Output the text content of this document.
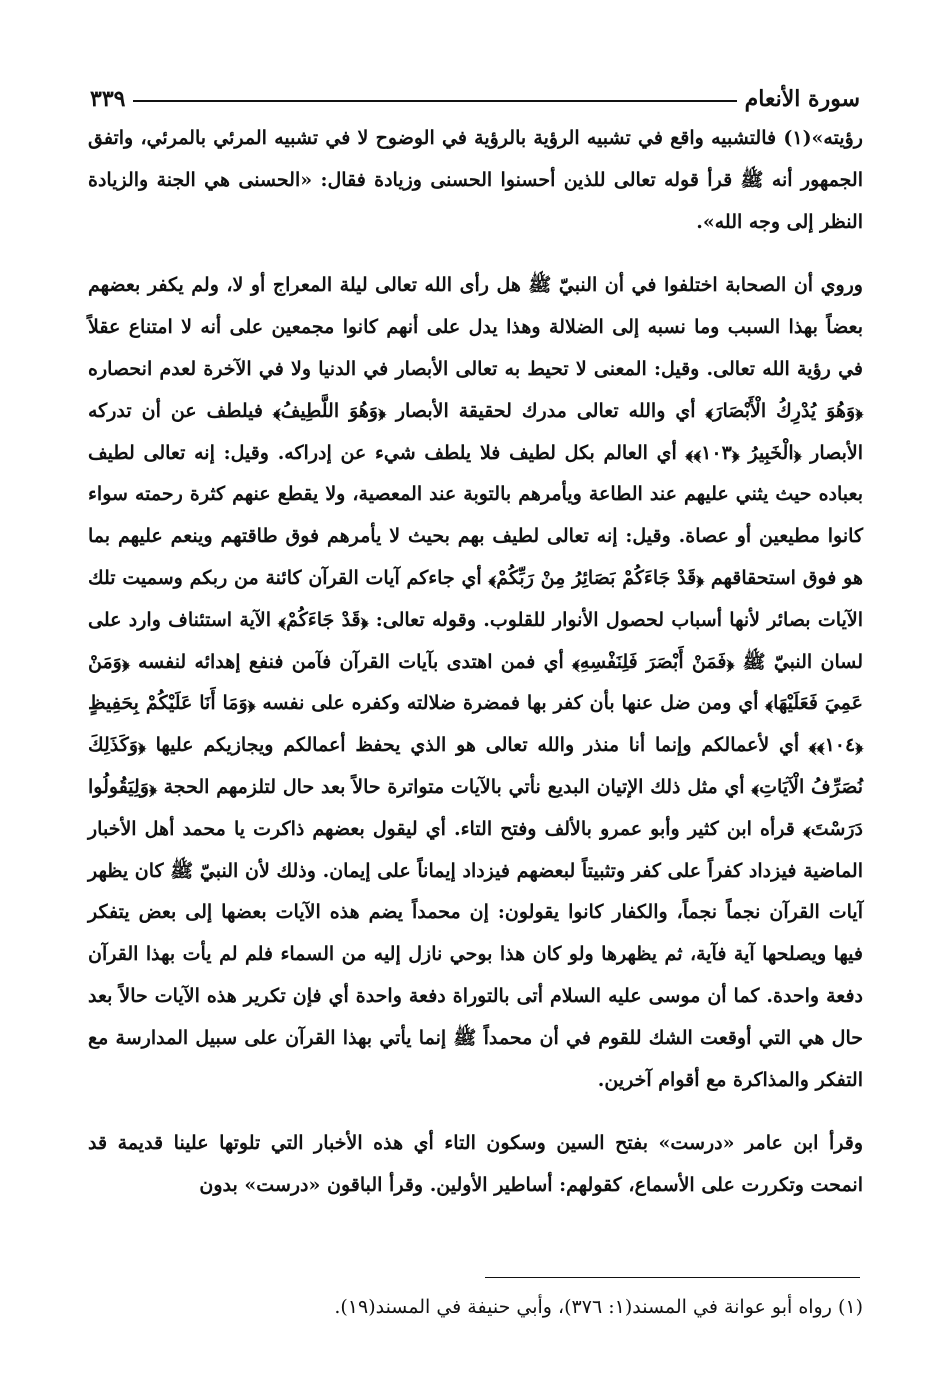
سورة الأنعام
٣٣٩

رؤيته»(١) فالتشبيه واقع في تشبيه الرؤية بالرؤية في الوضوح لا في تشبيه المرئي بالمرئي، واتفق الجمهور أنه ﷺ قرأ قوله تعالى للذين أحسنوا الحسنى وزيادة فقال: «الحسنى هي الجنة والزيادة النظر إلى وجه الله».

وروي أن الصحابة اختلفوا في أن النبيّ ﷺ هل رأى الله تعالى ليلة المعراج أو لا، ولم يكفر بعضهم بعضاً بهذا السبب وما نسبه إلى الضلالة وهذا يدل على أنهم كانوا مجمعين على أنه لا امتناع عقلاً في رؤية الله تعالى. وقيل: المعنى لا تحيط به تعالى الأبصار في الدنيا ولا في الآخرة لعدم انحصاره ﴿وَهُوَ يُدْرِكُ الْأَبْصَارَ﴾ أي والله تعالى مدرك لحقيقة الأبصار ﴿وَهُوَ اللَّطِيفُ﴾ فيلطف عن أن تدركه الأبصار ﴿الْخَبِيرُ ﴿١٠٣﴾﴾ أي العالم بكل لطيف فلا يلطف شيء عن إدراكه. وقيل: إنه تعالى لطيف بعباده حيث يثني عليهم عند الطاعة ويأمرهم بالتوبة عند المعصية، ولا يقطع عنهم كثرة رحمته سواء كانوا مطيعين أو عصاة. وقيل: إنه تعالى لطيف بهم بحيث لا يأمرهم فوق طاقتهم وينعم عليهم بما هو فوق استحقاقهم ﴿قَدْ جَاءَكُمْ بَصَائِرُ مِنْ رَبِّكُمْ﴾ أي جاءكم آيات القرآن كائنة من ربكم وسميت تلك الآيات بصائر لأنها أسباب لحصول الأنوار للقلوب. وقوله تعالى: ﴿قَدْ جَاءَكُمْ﴾ الآية استئناف وارد على لسان النبيّ ﷺ ﴿فَمَنْ أَبْصَرَ فَلِنَفْسِهِ﴾ أي فمن اهتدى بآيات القرآن فآمن فنفع إهدائه لنفسه ﴿وَمَنْ عَمِيَ فَعَلَيْهَا﴾ أي ومن ضل عنها بأن كفر بها فمضرة ضلالته وكفره على نفسه ﴿وَمَا أَنَا عَلَيْكُمْ بِحَفِيظٍ ﴿١٠٤﴾﴾ أي لأعمالكم وإنما أنا منذر والله تعالى هو الذي يحفظ أعمالكم ويجازيكم عليها ﴿وَكَذَلِكَ نُصَرِّفُ الْآيَاتِ﴾ أي مثل ذلك الإتيان البديع نأتي بالآيات متواترة حالاً بعد حال لتلزمهم الحجة ﴿وَلِيَقُولُوا دَرَسْتَ﴾ قرأه ابن كثير وأبو عمرو بالألف وفتح التاء. أي ليقول بعضهم ذاكرت يا محمد أهل الأخبار الماضية فيزداد كفراً على كفر وتثبيتاً لبعضهم فيزداد إيماناً على إيمان. وذلك لأن النبيّ ﷺ كان يظهر آيات القرآن نجماً نجماً، والكفار كانوا يقولون: إن محمداً يضم هذه الآيات بعضها إلى بعض يتفكر فيها ويصلحها آية فآية، ثم يظهرها ولو كان هذا بوحي نازل إليه من السماء فلم لم يأت بهذا القرآن دفعة واحدة. كما أن موسى عليه السلام أتى بالتوراة دفعة واحدة أي فإن تكرير هذه الآيات حالاً بعد حال هي التي أوقعت الشك للقوم في أن محمداً ﷺ إنما يأتي بهذا القرآن على سبيل المدارسة مع التفكر والمذاكرة مع أقوام آخرين.

وقرأ ابن عامر «درست» بفتح السين وسكون التاء أي هذه الأخبار التي تلوتها علينا قديمة قد انمحت وتكررت على الأسماع، كقولهم: أساطير الأولين. وقرأ الباقون «درست» بدون

(١) رواه أبو عوانة في المسند(١: ٣٧٦)، وأبي حنيفة في المسند(١٩).
